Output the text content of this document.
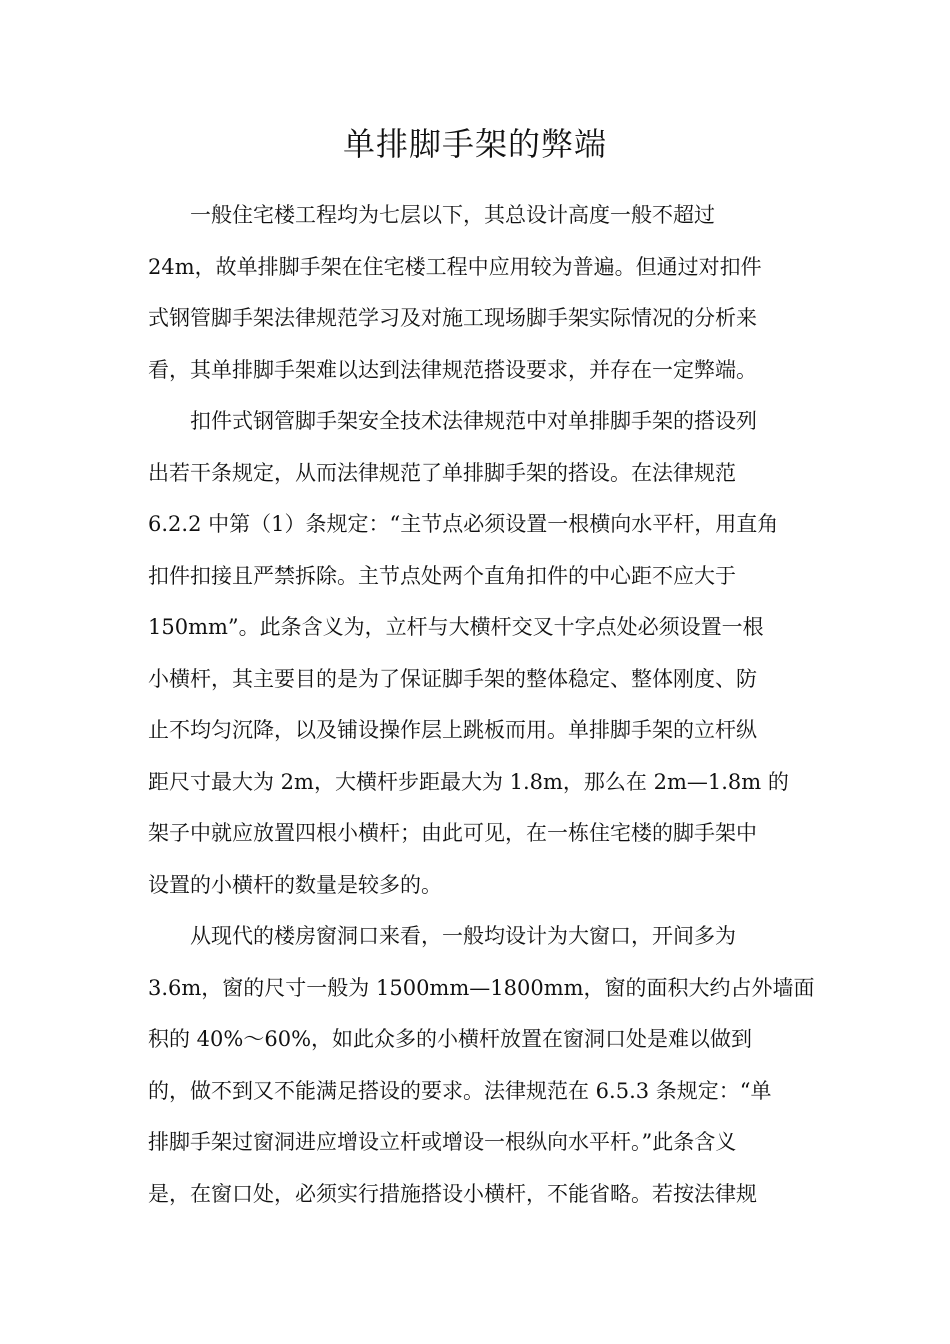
单排脚手架的弊端

　　一般住宅楼工程均为七层以下，其总设计高度一般不超过

24m，故单排脚手架在住宅楼工程中应用较为普遍。但通过对扣件

式钢管脚手架法律规范学习及对施工现场脚手架实际情况的分析来

看，其单排脚手架难以达到法律规范搭设要求，并存在一定弊端。

　　扣件式钢管脚手架安全技术法律规范中对单排脚手架的搭设列

出若干条规定，从而法律规范了单排脚手架的搭设。在法律规范

6.2.2 中第（1）条规定：“主节点必须设置一根横向水平杆，用直角

扣件扣接且严禁拆除。主节点处两个直角扣件的中心距不应大于

150mm”。此条含义为，立杆与大横杆交叉十字点处必须设置一根

小横杆，其主要目的是为了保证脚手架的整体稳定、整体刚度、防

止不均匀沉降，以及铺设操作层上跳板而用。单排脚手架的立杆纵

距尺寸最大为 2m，大横杆步距最大为 1.8m，那么在 2m—1.8m 的

架子中就应放置四根小横杆；由此可见，在一栋住宅楼的脚手架中

设置的小横杆的数量是较多的。

　　从现代的楼房窗洞口来看，一般均设计为大窗口，开间多为

3.6m，窗的尺寸一般为 1500mm—1800mm，窗的面积大约占外墙面

积的 40%～60%，如此众多的小横杆放置在窗洞口处是难以做到

的，做不到又不能满足搭设的要求。法律规范在 6.5.3 条规定：“单

排脚手架过窗洞进应增设立杆或增设一根纵向水平杆。”此条含义

是，在窗口处，必须实行措施搭设小横杆，不能省略。若按法律规
